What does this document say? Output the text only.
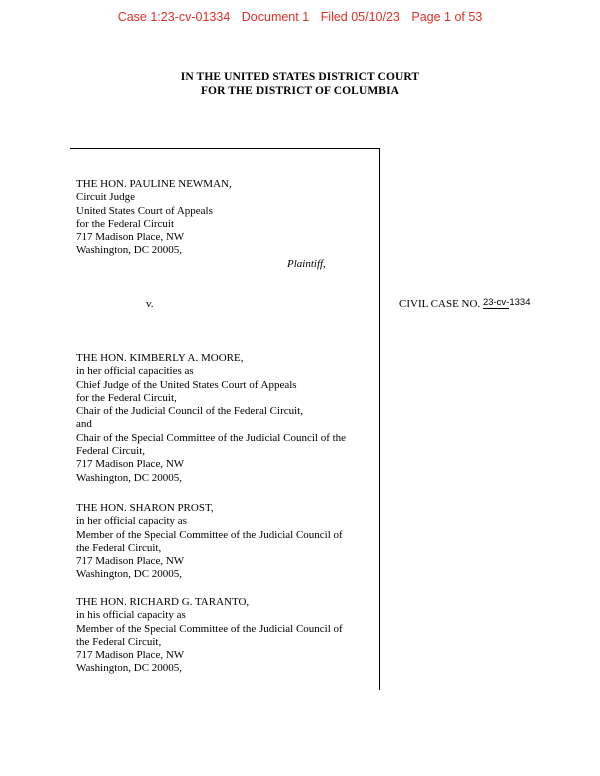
Case 1:23-cv-01334 Document 1 Filed 05/10/23 Page 1 of 53
IN THE UNITED STATES DISTRICT COURT
FOR THE DISTRICT OF COLUMBIA
THE HON. PAULINE NEWMAN,
Circuit Judge
United States Court of Appeals
for the Federal Circuit
717 Madison Place, NW
Washington, DC 20005,
Plaintiff,
v.	CIVIL CASE NO. 23-cv-1334
THE HON. KIMBERLY A. MOORE,
in her official capacities as
Chief Judge of the United States Court of Appeals
for the Federal Circuit,
Chair of the Judicial Council of the Federal Circuit,
and
Chair of the Special Committee of the Judicial Council of the
Federal Circuit,
717 Madison Place, NW
Washington, DC 20005,
THE HON. SHARON PROST,
in her official capacity as
Member of the Special Committee of the Judicial Council of
the Federal Circuit,
717 Madison Place, NW
Washington, DC 20005,
THE HON. RICHARD G. TARANTO,
in his official capacity as
Member of the Special Committee of the Judicial Council of
the Federal Circuit,
717 Madison Place, NW
Washington, DC 20005,
